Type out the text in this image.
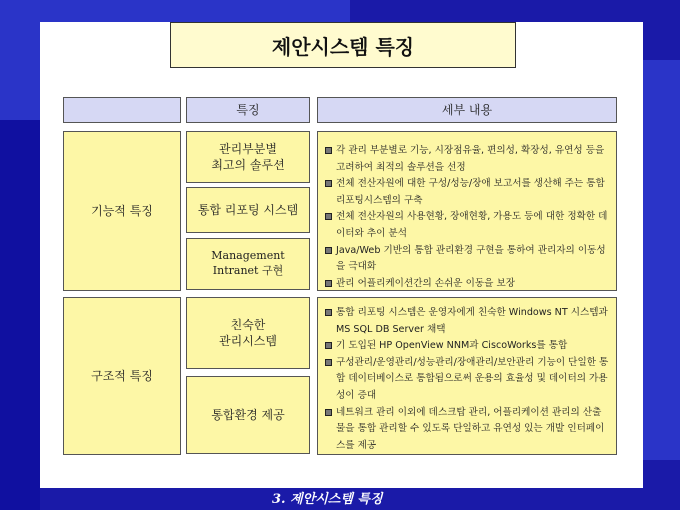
제안시스템 특징
특징	세부 내용
기능적 특징
관리부분별
최고의 솔루션
통합 리포팅 시스템
Management
Intranet 구현
각 관리 부분별로 기능, 시장점유율, 편의성, 확장성, 유연성 등을 고려하여 최적의 솔루션을 선정
전체 전산자원에 대한 구성/성능/장애 보고서를 생산해 주는 통합리포팅시스템의 구축
전체 전산자원의 사용현황, 장애현황, 가용도 등에 대한 정확한 데이터와 추이 분석
Java/Web 기반의 통합 관리환경 구현을 통하여 관리자의 이동성을 극대화
관리 어플리케이션간의 손쉬운 이동을 보장
구조적 특징
친숙한
관리시스템
통합환경 제공
통합 리포팅 시스템은 운영자에게 친숙한 Windows NT 시스템과 MS SQL DB Server 채택
기 도입된 HP OpenView NNM과 CiscoWorks를 통합
구성관리/운영관리/성능관리/장애관리/보안관리 기능이 단일한 통합 데이터베이스로 통합됨으로써 운용의 효율성 및 데이터의 가용성이 증대
네트워크 관리 이외에 데스크탑 관리, 어플리케이션 관리의 산출물을 통합 관리할 수 있도록 단일하고 유연성 있는 개발 인터페이스를 제공
3. 제안시스템 특징
